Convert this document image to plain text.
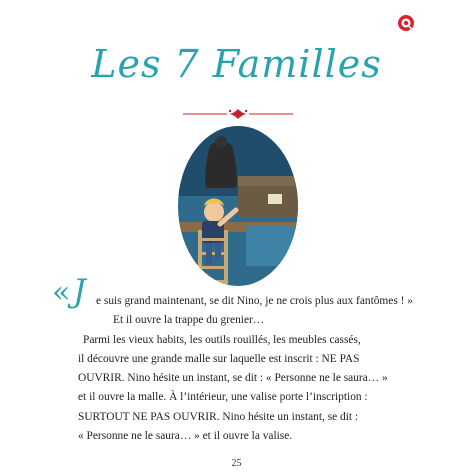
Les 7 Familles

« J e suis grand maintenant, se dit Nino, je ne crois plus aux fantômes ! »

Et il ouvre la trappe du grenier…

Parmi les vieux habits, les outils rouillés, les meubles cassés,

il découvre une grande malle sur laquelle est inscrit : NE PAS

OUVRIR. Nino hésite un instant, se dit : « Personne ne le saura… »

et il ouvre la malle. À l’intérieur, une valise porte l’inscription :

SURTOUT NE PAS OUVRIR. Nino hésite un instant, se dit :

« Personne ne le saura… » et il ouvre la valise.

25
